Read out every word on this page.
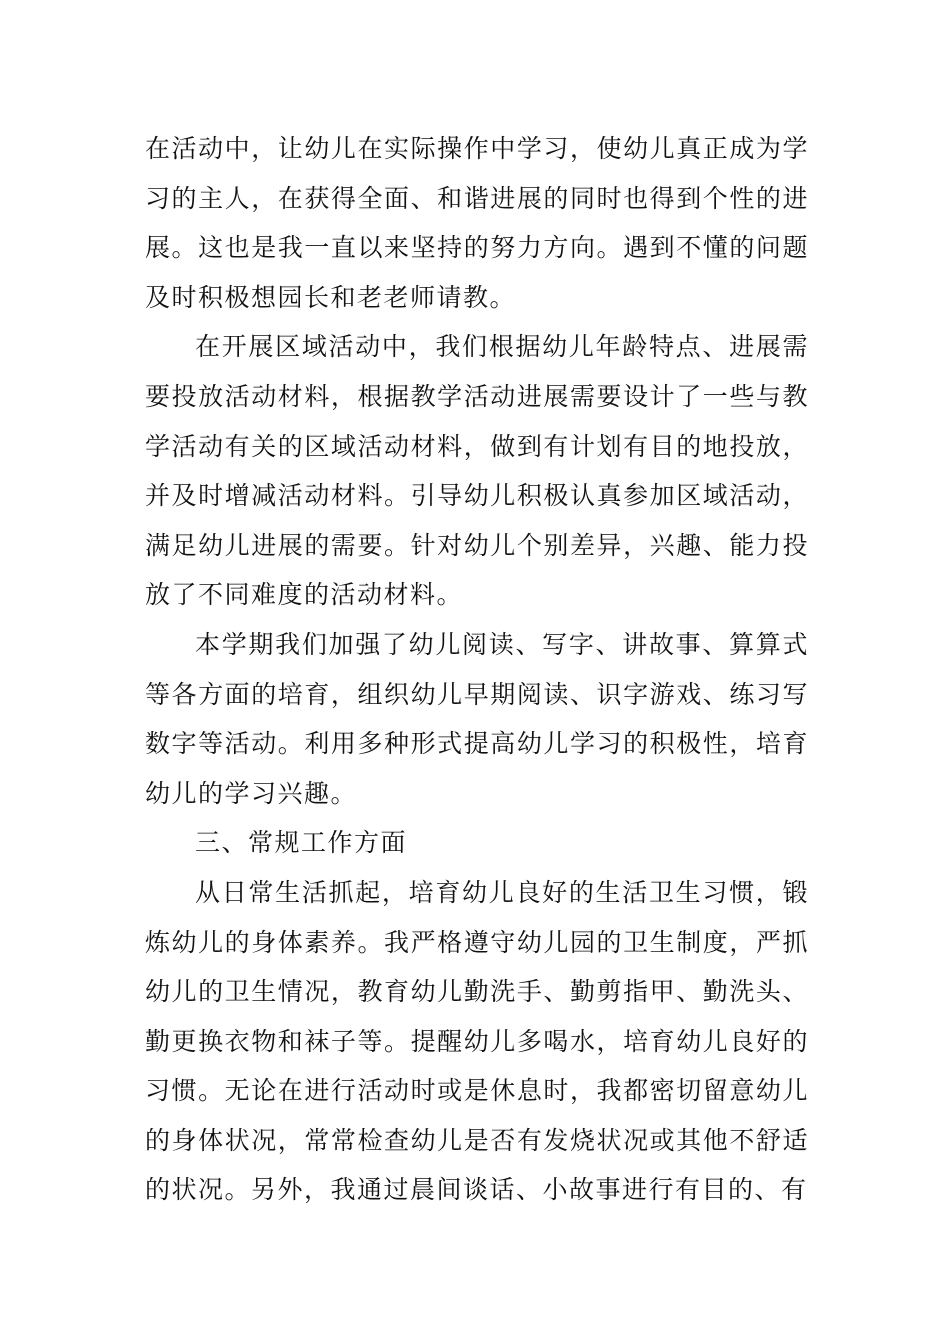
在活动中，让幼儿在实际操作中学习，使幼儿真正成为学习的主人，在获得全面、和谐进展的同时也得到个性的进展。这也是我一直以来坚持的努力方向。遇到不懂的问题及时积极想园长和老老师请教。

在开展区域活动中，我们根据幼儿年龄特点、进展需要投放活动材料，根据教学活动进展需要设计了一些与教学活动有关的区域活动材料，做到有计划有目的地投放，并及时增减活动材料。引导幼儿积极认真参加区域活动，满足幼儿进展的需要。针对幼儿个别差异，兴趣、能力投放了不同难度的活动材料。

本学期我们加强了幼儿阅读、写字、讲故事、算算式等各方面的培育，组织幼儿早期阅读、识字游戏、练习写数字等活动。利用多种形式提高幼儿学习的积极性，培育幼儿的学习兴趣。

三、常规工作方面

从日常生活抓起，培育幼儿良好的生活卫生习惯，锻炼幼儿的身体素养。我严格遵守幼儿园的卫生制度，严抓幼儿的卫生情况，教育幼儿勤洗手、勤剪指甲、勤洗头、勤更换衣物和袜子等。提醒幼儿多喝水，培育幼儿良好的习惯。无论在进行活动时或是休息时，我都密切留意幼儿的身体状况，常常检查幼儿是否有发烧状况或其他不舒适的状况。另外，我通过晨间谈话、小故事进行有目的、有
